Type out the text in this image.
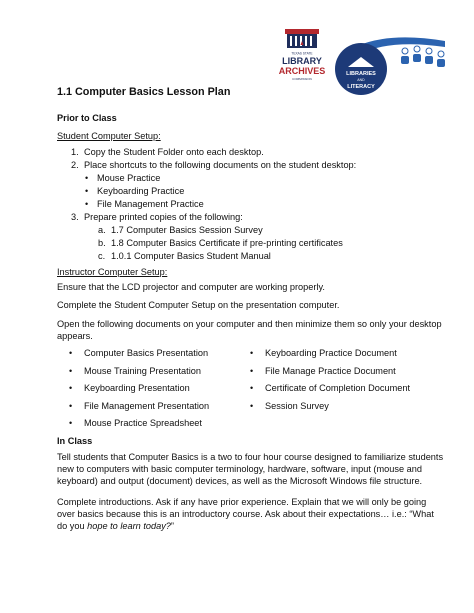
TEXAS STATE
LIBRARY
ARCHIVES
COMMISSION
LIBRARIES
AND
LITERACY
1.1 Computer Basics Lesson Plan
Prior to Class
Student Computer Setup:
1. Copy the Student Folder onto each desktop.
2. Place shortcuts to the following documents on the student desktop:
• Mouse Practice
• Keyboarding Practice
• File Management Practice
3. Prepare printed copies of the following:
a. 1.7 Computer Basics Session Survey
b. 1.8 Computer Basics Certificate if pre-printing certificates
c. 1.0.1 Computer Basics Student Manual
Instructor Computer Setup:
Ensure that the LCD projector and computer are working properly.
Complete the Student Computer Setup on the presentation computer.
Open the following documents on your computer and then minimize them so only your desktop
appears.
• Computer Basics Presentation
• Mouse Training Presentation
• Keyboarding Presentation
• File Management Presentation
• Mouse Practice Spreadsheet
• Keyboarding Practice Document
• File Manage Practice Document
• Certificate of Completion Document
• Session Survey
In Class
Tell students that Computer Basics is a two to four hour course designed to familiarize students
new to computers with basic computer terminology, hardware, software, input (mouse and
keyboard) and output (document) devices, as well as the Microsoft Windows file structure.
Complete introductions. Ask if any have prior experience. Explain that we will only be going
over basics because this is an introductory course. Ask about their expectations… i.e.: “What
do you hope to learn today?”
